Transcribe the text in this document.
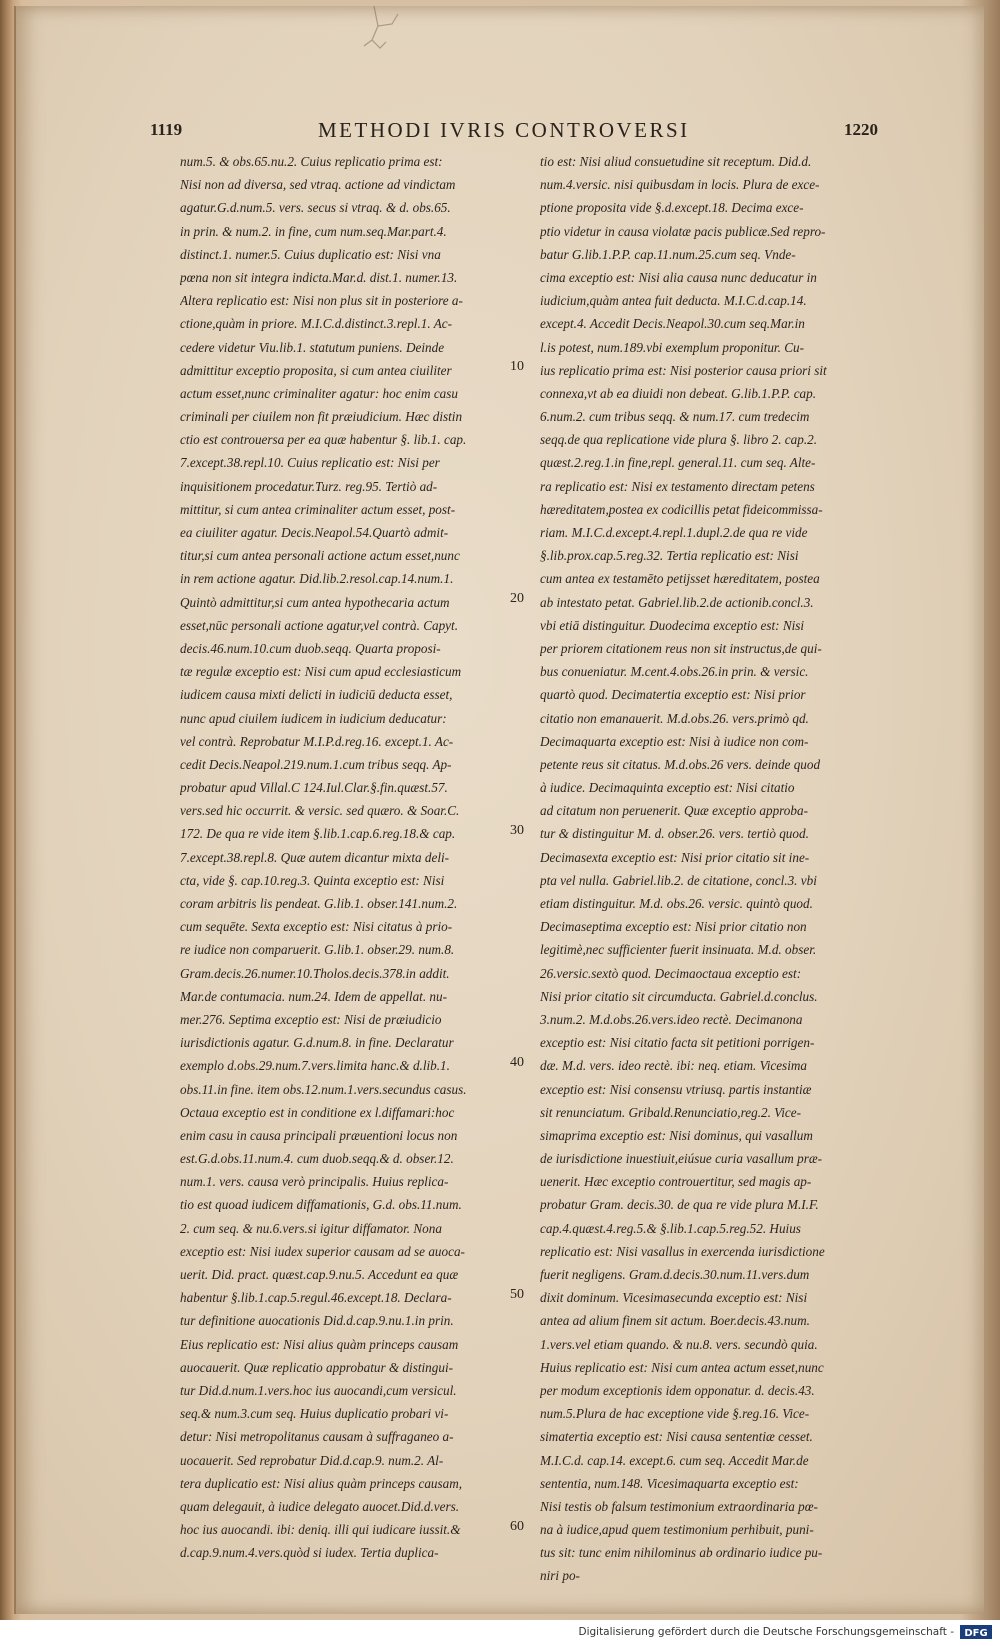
1119	METHODI IVRIS CONTROVERSI	1220
num.5. & obs.65.nu.2. Cuius replicatio prima est:
Nisi non ad diversa, sed vtraq. actione ad vindictam
agatur.G.d.num.5. vers. secus si vtraq. & d. obs.65.
in prin. & num.2. in fine, cum num.seq.Mar.part.4.
distinct.1. numer.5. Cuius duplicatio est: Nisi vna
pœna non sit integra indicta.Mar.d. dist.1. numer.13.
Altera replicatio est: Nisi non plus sit in posteriore a-
ctione,quàm in priore. M.I.C.d.distinct.3.repl.1. Ac-
cedere videtur Viu.lib.1. statutum puniens. Deinde
admittitur exceptio proposita, si cum antea ciuiliter
actum esset,nunc criminaliter agatur: hoc enim casu
criminali per ciuilem non fit præiudicium. Hæc distin
ctio est controuersa per ea quæ habentur §. lib.1. cap.
7.except.38.repl.10. Cuius replicatio est: Nisi per
inquisitionem procedatur.Turz. reg.95. Tertiò ad-
mittitur, si cum antea criminaliter actum esset, post-
ea ciuiliter agatur. Decis.Neapol.54.Quartò admit-
titur,si cum antea personali actione actum esset,nunc
in rem actione agatur. Did.lib.2.resol.cap.14.num.1.
Quintò admittitur,si cum antea hypothecaria actum
esset,nūc personali actione agatur,vel contrà. Capyt.
decis.46.num.10.cum duob.seqq. Quarta proposi-
tæ regulæ exceptio est: Nisi cum apud ecclesiasticum
iudicem causa mixti delicti in iudiciū deducta esset,
nunc apud ciuilem iudicem in iudicium deducatur:
vel contrà. Reprobatur M.I.P.d.reg.16. except.1. Ac-
cedit Decis.Neapol.219.num.1.cum tribus seqq. Ap-
probatur apud Villal.C 124.Iul.Clar.§.fin.quæst.57.
vers.sed hic occurrit. & versic. sed quæro. & Soar.C.
172. De qua re vide item §.lib.1.cap.6.reg.18.& cap.
7.except.38.repl.8. Quæ autem dicantur mixta deli-
cta, vide §. cap.10.reg.3. Quinta exceptio est: Nisi
coram arbitris lis pendeat. G.lib.1. obser.141.num.2.
cum sequēte. Sexta exceptio est: Nisi citatus à prio-
re iudice non comparuerit. G.lib.1. obser.29. num.8.
Gram.decis.26.numer.10.Tholos.decis.378.in addit.
Mar.de contumacia. num.24. Idem de appellat. nu-
mer.276. Septima exceptio est: Nisi de præiudicio
iurisdictionis agatur. G.d.num.8. in fine. Declaratur
exemplo d.obs.29.num.7.vers.limita hanc.& d.lib.1.
obs.11.in fine. item obs.12.num.1.vers.secundus casus.
Octaua exceptio est in conditione ex l.diffamari:hoc
enim casu in causa principali præuentioni locus non
est.G.d.obs.11.num.4. cum duob.seqq.& d. obser.12.
num.1. vers. causa verò principalis. Huius replica-
tio est quoad iudicem diffamationis, G.d. obs.11.num.
2. cum seq. & nu.6.vers.si igitur diffamator. Nona
exceptio est: Nisi iudex superior causam ad se auoca-
uerit. Did. pract. quæst.cap.9.nu.5. Accedunt ea quæ
habentur §.lib.1.cap.5.regul.46.except.18. Declara-
tur definitione auocationis Did.d.cap.9.nu.1.in prin.
Eius replicatio est: Nisi alius quàm princeps causam
auocauerit. Quæ replicatio approbatur & distingui-
tur Did.d.num.1.vers.hoc ius auocandi,cum versicul.
seq.& num.3.cum seq. Huius duplicatio probari vi-
detur: Nisi metropolitanus causam à suffraganeo a-
uocauerit. Sed reprobatur Did.d.cap.9. num.2. Al-
tera duplicatio est: Nisi alius quàm princeps causam,
quam delegauit, à iudice delegato auocet.Did.d.vers.
hoc ius auocandi. ibi: deniq. illi qui iudicare iussit.&
d.cap.9.num.4.vers.quòd si iudex. Tertia duplica-
10
20
30
40
50
60
tio est: Nisi aliud consuetudine sit receptum. Did.d.
num.4.versic. nisi quibusdam in locis. Plura de exce-
ptione proposita vide §.d.except.18. Decima exce-
ptio videtur in causa violatæ pacis publicæ.Sed repro-
batur G.lib.1.P.P. cap.11.num.25.cum seq. Vnde-
cima exceptio est: Nisi alia causa nunc deducatur in
iudicium,quàm antea fuit deducta. M.I.C.d.cap.14.
except.4. Accedit Decis.Neapol.30.cum seq.Mar.in
l.is potest, num.189.vbi exemplum proponitur. Cu-
ius replicatio prima est: Nisi posterior causa priori sit
connexa,vt ab ea diuidi non debeat. G.lib.1.P.P. cap.
6.num.2. cum tribus seqq. & num.17. cum tredecim
seqq.de qua replicatione vide plura §. libro 2. cap.2.
quæst.2.reg.1.in fine,repl. general.11. cum seq. Alte-
ra replicatio est: Nisi ex testamento directam petens
hæreditatem,postea ex codicillis petat fideicommissa-
riam. M.I.C.d.except.4.repl.1.dupl.2.de qua re vide
§.lib.prox.cap.5.reg.32. Tertia replicatio est: Nisi
cum antea ex testamēto petijsset hæreditatem, postea
ab intestato petat. Gabriel.lib.2.de actionib.concl.3.
vbi etiā distinguitur. Duodecima exceptio est: Nisi
per priorem citationem reus non sit instructus,de qui-
bus conueniatur. M.cent.4.obs.26.in prin. & versic.
quartò quod. Decimatertia exceptio est: Nisi prior
citatio non emanauerit. M.d.obs.26. vers.primò qd.
Decimaquarta exceptio est: Nisi à iudice non com-
petente reus sit citatus. M.d.obs.26 vers. deinde quod
à iudice. Decimaquinta exceptio est: Nisi citatio
ad citatum non peruenerit. Quæ exceptio approba-
tur & distinguitur M. d. obser.26. vers. tertiò quod.
Decimasexta exceptio est: Nisi prior citatio sit ine-
pta vel nulla. Gabriel.lib.2. de citatione, concl.3. vbi
etiam distinguitur. M.d. obs.26. versic. quintò quod.
Decimaseptima exceptio est: Nisi prior citatio non
legitimè,nec sufficienter fuerit insinuata. M.d. obser.
26.versic.sextò quod. Decimaoctaua exceptio est:
Nisi prior citatio sit circumducta. Gabriel.d.conclus.
3.num.2. M.d.obs.26.vers.ideo rectè. Decimanona
exceptio est: Nisi citatio facta sit petitioni porrigen-
dæ. M.d. vers. ideo rectè. ibi: neq. etiam. Vicesima
exceptio est: Nisi consensu vtriusq. partis instantiæ
sit renunciatum. Gribald.Renunciatio,reg.2. Vice-
simaprima exceptio est: Nisi dominus, qui vasallum
de iurisdictione inuestiuit,eiúsue curia vasallum præ-
uenerit. Hæc exceptio controuertitur, sed magis ap-
probatur Gram. decis.30. de qua re vide plura M.I.F.
cap.4.quæst.4.reg.5.& §.lib.1.cap.5.reg.52. Huius
replicatio est: Nisi vasallus in exercenda iurisdictione
fuerit negligens. Gram.d.decis.30.num.11.vers.dum
dixit dominum. Vicesimasecunda exceptio est: Nisi
antea ad alium finem sit actum. Boer.decis.43.num.
1.vers.vel etiam quando. & nu.8. vers. secundò quia.
Huius replicatio est: Nisi cum antea actum esset,nunc
per modum exceptionis idem opponatur. d. decis.43.
num.5.Plura de hac exceptione vide §.reg.16. Vice-
simatertia exceptio est: Nisi causa sententiæ cesset.
M.I.C.d. cap.14. except.6. cum seq. Accedit Mar.de
sententia, num.148. Vicesimaquarta exceptio est:
Nisi testis ob falsum testimonium extraordinaria pœ-
na à iudice,apud quem testimonium perhibuit, puni-
tus sit: tunc enim nihilominus ab ordinario iudice pu-
niri po-
Digitalisierung gefördert durch die Deutsche Forschungsgemeinschaft - DFG
